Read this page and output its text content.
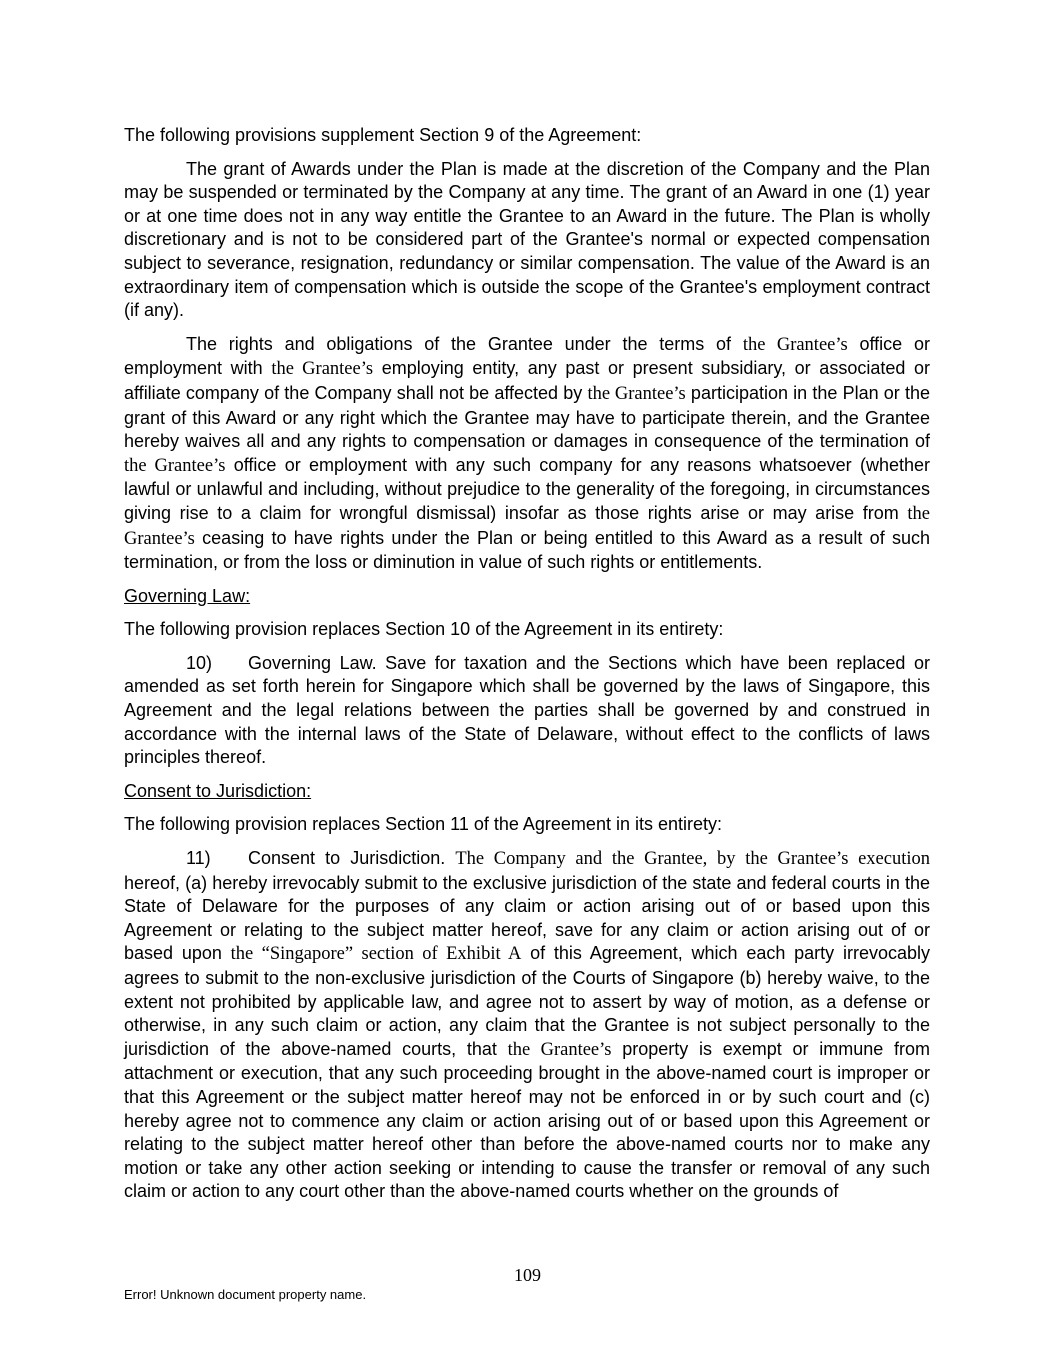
The following provisions supplement Section 9 of the Agreement:

The grant of Awards under the Plan is made at the discretion of the Company and the Plan may be suspended or terminated by the Company at any time. The grant of an Award in one (1) year or at one time does not in any way entitle the Grantee to an Award in the future. The Plan is wholly discretionary and is not to be considered part of the Grantee's normal or expected compensation subject to severance, resignation, redundancy or similar compensation. The value of the Award is an extraordinary item of compensation which is outside the scope of the Grantee's employment contract (if any).

The rights and obligations of the Grantee under the terms of the Grantee’s office or employment with the Grantee’s employing entity, any past or present subsidiary, or associated or affiliate company of the Company shall not be affected by the Grantee’s participation in the Plan or the grant of this Award or any right which the Grantee may have to participate therein, and the Grantee hereby waives all and any rights to compensation or damages in consequence of the termination of the Grantee’s office or employment with any such company for any reasons whatsoever (whether lawful or unlawful and including, without prejudice to the generality of the foregoing, in circumstances giving rise to a claim for wrongful dismissal) insofar as those rights arise or may arise from the Grantee’s ceasing to have rights under the Plan or being entitled to this Award as a result of such termination, or from the loss or diminution in value of such rights or entitlements.

Governing Law:

The following provision replaces Section 10 of the Agreement in its entirety:

10) Governing Law. Save for taxation and the Sections which have been replaced or amended as set forth herein for Singapore which shall be governed by the laws of Singapore, this Agreement and the legal relations between the parties shall be governed by and construed in accordance with the internal laws of the State of Delaware, without effect to the conflicts of laws principles thereof.

Consent to Jurisdiction:

The following provision replaces Section 11 of the Agreement in its entirety:

11) Consent to Jurisdiction. The Company and the Grantee, by the Grantee’s execution hereof, (a) hereby irrevocably submit to the exclusive jurisdiction of the state and federal courts in the State of Delaware for the purposes of any claim or action arising out of or based upon this Agreement or relating to the subject matter hereof, save for any claim or action arising out of or based upon the “Singapore” section of Exhibit A of this Agreement, which each party irrevocably agrees to submit to the non-exclusive jurisdiction of the Courts of Singapore (b) hereby waive, to the extent not prohibited by applicable law, and agree not to assert by way of motion, as a defense or otherwise, in any such claim or action, any claim that the Grantee is not subject personally to the jurisdiction of the above-named courts, that the Grantee’s property is exempt or immune from attachment or execution, that any such proceeding brought in the above-named court is improper or that this Agreement or the subject matter hereof may not be enforced in or by such court and (c) hereby agree not to commence any claim or action arising out of or based upon this Agreement or relating to the subject matter hereof other than before the above-named courts nor to make any motion or take any other action seeking or intending to cause the transfer or removal of any such claim or action to any court other than the above-named courts whether on the grounds of

109
Error! Unknown document property name.
